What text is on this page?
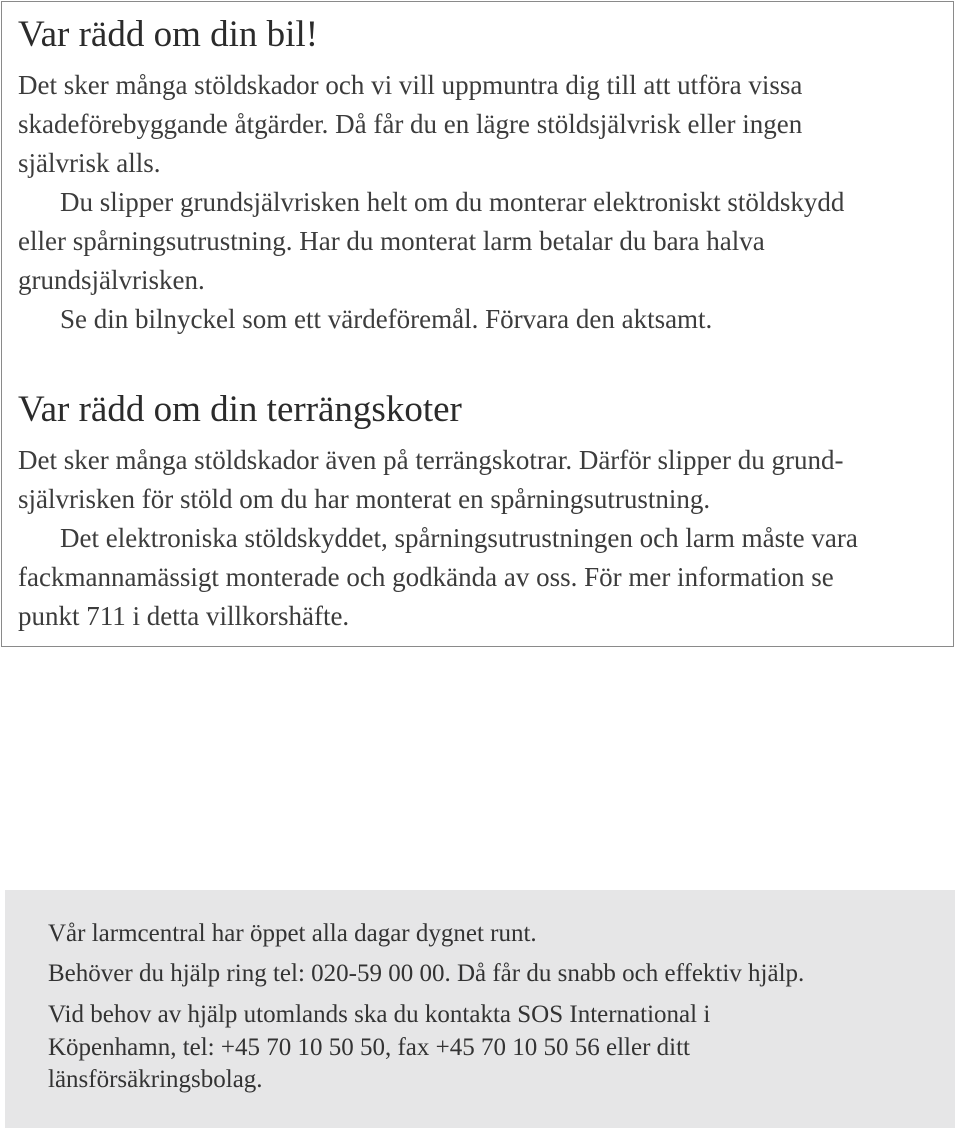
Var rädd om din bil!

Det sker många stöldskador och vi vill uppmuntra dig till att utföra vissa

skadeförebyggande åtgärder. Då får du en lägre stöldsjälvrisk eller ingen

självrisk alls.

Du slipper grundsjälvrisken helt om du monterar elektroniskt stöldskydd

eller spårningsutrustning. Har du monterat larm betalar du bara halva

grundsjälvrisken.

Se din bilnyckel som ett värdeföremål. Förvara den aktsamt.

Var rädd om din terrängskoter

Det sker många stöldskador även på terrängskotrar. Därför slipper du grund-

självrisken för stöld om du har monterat en spårningsutrustning.

Det elektroniska stöldskyddet, spårningsutrustningen och larm måste vara

fackmannamässigt monterade och godkända av oss. För mer information se

punkt 711 i detta villkorshäfte.

Vår larmcentral har öppet alla dagar dygnet runt.

Behöver du hjälp ring tel: 020-59 00 00. Då får du snabb och effektiv hjälp.

Vid behov av hjälp utomlands ska du kontakta SOS International i

Köpenhamn, tel: +45 70 10 50 50, fax +45 70 10 50 56 eller ditt

länsförsäkringsbolag.
